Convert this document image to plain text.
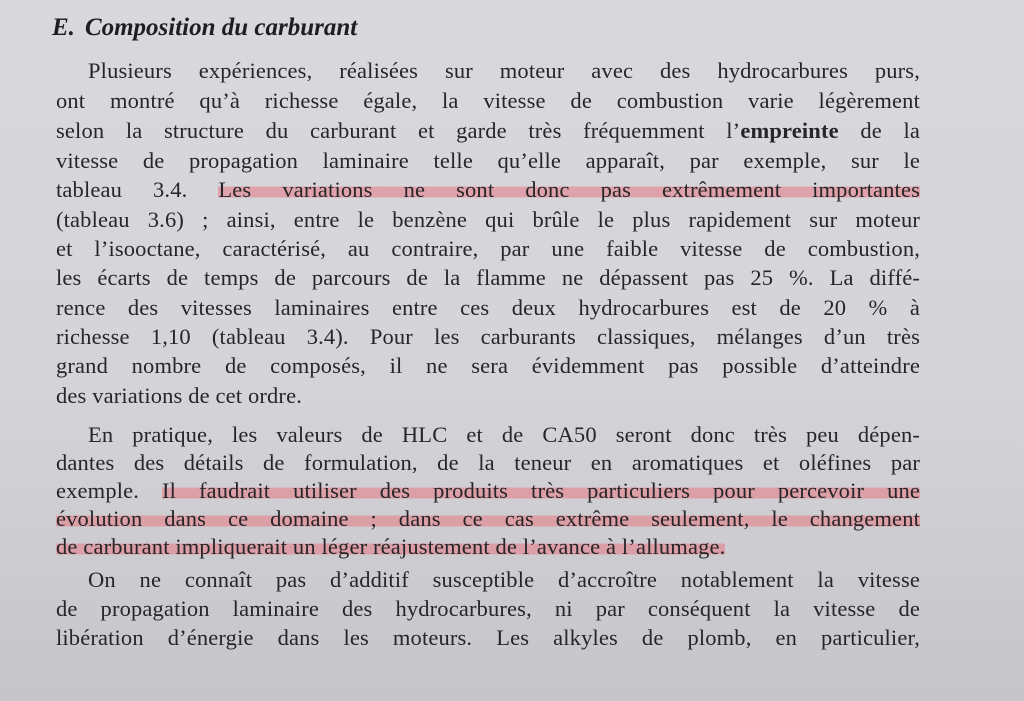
E. Composition du carburant
Plusieurs expériences, réalisées sur moteur avec des hydrocarbures purs,
ont montré qu’à richesse égale, la vitesse de combustion varie légèrement
selon la structure du carburant et garde très fréquemment l’empreinte de la
vitesse de propagation laminaire telle qu’elle apparaît, par exemple, sur le
tableau 3.4. Les variations ne sont donc pas extrêmement importantes
(tableau 3.6) ; ainsi, entre le benzène qui brûle le plus rapidement sur moteur
et l’isooctane, caractérisé, au contraire, par une faible vitesse de combustion,
les écarts de temps de parcours de la flamme ne dépassent pas 25 %. La diffé-
rence des vitesses laminaires entre ces deux hydrocarbures est de 20 % à
richesse 1,10 (tableau 3.4). Pour les carburants classiques, mélanges d’un très
grand nombre de composés, il ne sera évidemment pas possible d’atteindre
des variations de cet ordre.
En pratique, les valeurs de HLC et de CA50 seront donc très peu dépen-
dantes des détails de formulation, de la teneur en aromatiques et oléfines par
exemple. Il faudrait utiliser des produits très particuliers pour percevoir une
évolution dans ce domaine ; dans ce cas extrême seulement, le changement
de carburant impliquerait un léger réajustement de l’avance à l’allumage.
On ne connaît pas d’additif susceptible d’accroître notablement la vitesse
de propagation laminaire des hydrocarbures, ni par conséquent la vitesse de
libération d’énergie dans les moteurs. Les alkyles de plomb, en particulier,
